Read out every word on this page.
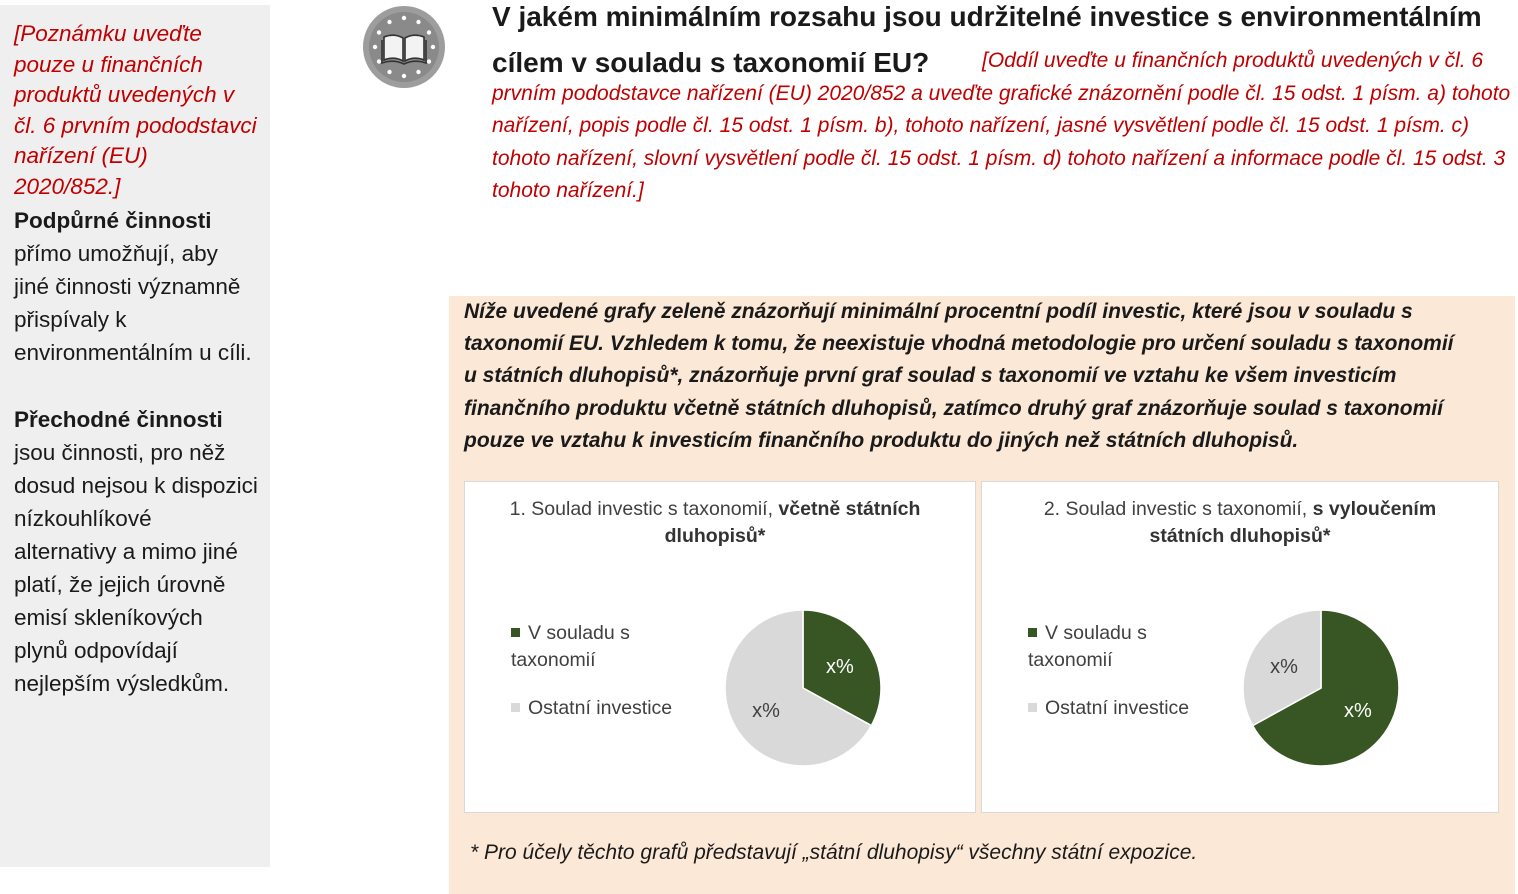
[Poznámku uveďte pouze u finančních produktů uvedených v čl. 6 prvním pododstavci nařízení (EU) 2020/852.]
Podpůrné činnosti
přímo umožňují, aby jiné činnosti významně přispívaly k environmentálním u cíli.
Přechodné činnosti
jsou činnosti, pro něž dosud nejsou k dispozici nízkouhlíkové alternativy a mimo jiné platí, že jejich úrovně emisí skleníkových plynů odpovídají nejlepším výsledkům.
V jakém minimálním rozsahu jsou udržitelné investice s environmentálním cílem v souladu s taxonomií EU?	[Oddíl uveďte u finančních produktů uvedených v čl. 6 prvním pododstavce nařízení (EU) 2020/852 a uveďte grafické znázornění podle čl. 15 odst. 1 písm. a) tohoto nařízení, popis podle čl. 15 odst. 1 písm. b), tohoto nařízení, jasné vysvětlení podle čl. 15 odst. 1 písm. c) tohoto nařízení, slovní vysvětlení podle čl. 15 odst. 1 písm. d) tohoto nařízení a informace podle čl. 15 odst. 3 tohoto nařízení.]
Níže uvedené grafy zeleně znázorňují minimální procentní podíl investic, které jsou v souladu s taxonomií EU. Vzhledem k tomu, že neexistuje vhodná metodologie pro určení souladu s taxonomií u státních dluhopisů*, znázorňuje první graf soulad s taxonomií ve vztahu ke všem investicím finančního produktu včetně státních dluhopisů, zatímco druhý graf znázorňuje soulad s taxonomií pouze ve vztahu k investicím finančního produktu do jiných než státních dluhopisů.
1. Soulad investic s taxonomií, včetně státních dluhopisů*
V souladu s taxonomií
Ostatní investice
x%
x%
2. Soulad investic s taxonomií, s vyloučením státních dluhopisů*
V souladu s taxonomií
Ostatní investice	x%
x%
* Pro účely těchto grafů představují „státní dluhopisy“ všechny státní expozice.
